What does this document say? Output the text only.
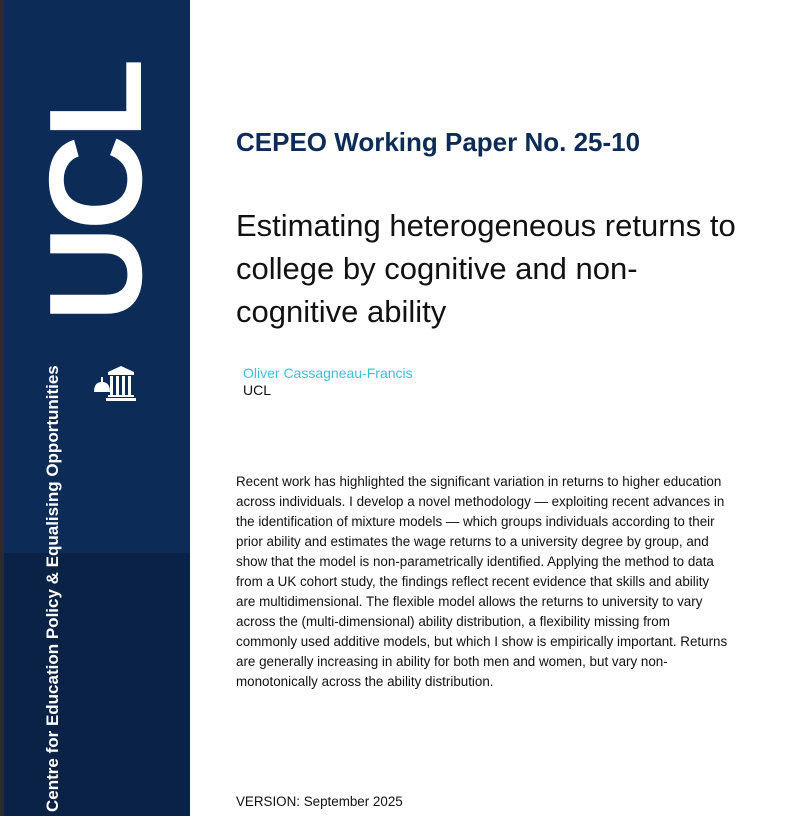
UCL
Centre for Education Policy & Equalising Opportunities
CEPEO Working Paper No. 25-10
Estimating heterogeneous returns to college by cognitive and non-cognitive ability
Oliver Cassagneau-Francis
UCL

Recent work has highlighted the significant variation in returns to higher education across individuals. I develop a novel methodology — exploiting recent advances in the identification of mixture models — which groups individuals according to their prior ability and estimates the wage returns to a university degree by group, and show that the model is non-parametrically identified. Applying the method to data from a UK cohort study, the findings reflect recent evidence that skills and ability are multidimensional. The flexible model allows the returns to university to vary across the (multi-dimensional) ability distribution, a flexibility missing from commonly used additive models, but which I show is empirically important. Returns are generally increasing in ability for both men and women, but vary non-monotonically across the ability distribution.

VERSION: September 2025
